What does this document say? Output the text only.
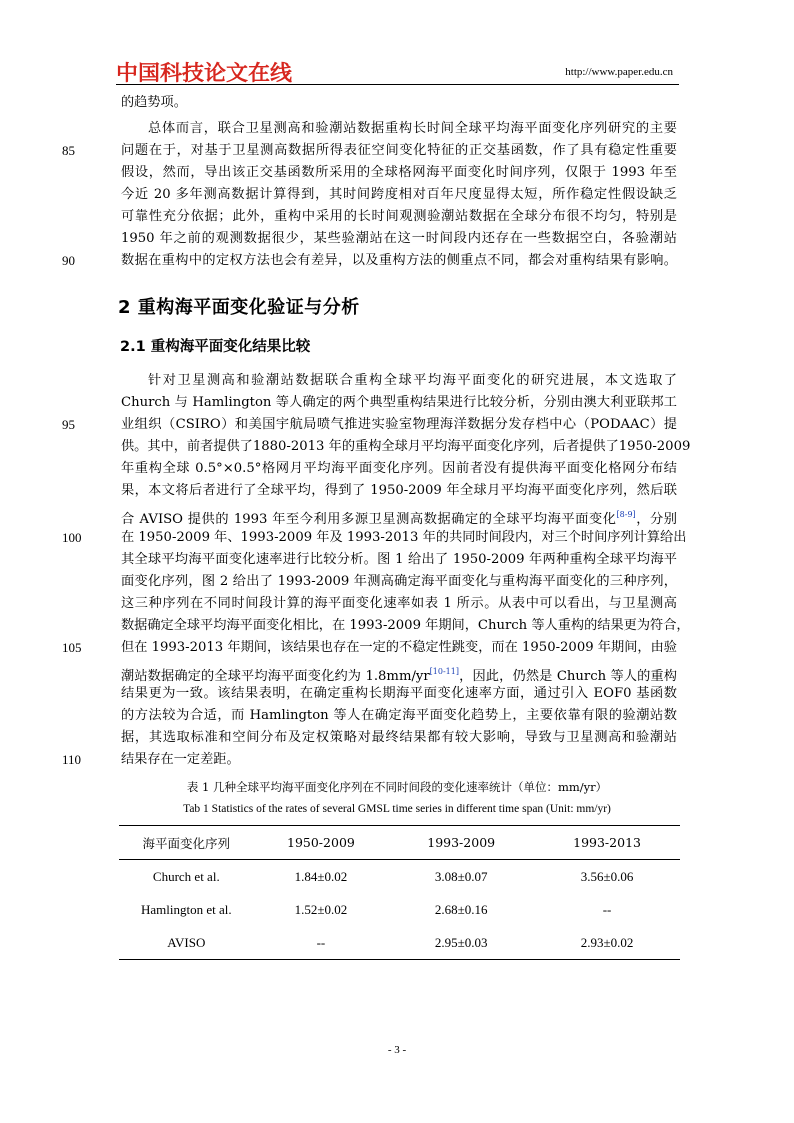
中国科技论文在线	http://www.paper.edu.cn
的趋势项。
总体而言，联合卫星测高和验潮站数据重构长时间全球平均海平面变化序列研究的主要
问题在于，对基于卫星测高数据所得表征空间变化特征的正交基函数，作了具有稳定性重要
假设，然而，导出该正交基函数所采用的全球格网海平面变化时间序列，仅限于 1993 年至
今近 20 多年测高数据计算得到，其时间跨度相对百年尺度显得太短，所作稳定性假设缺乏
可靠性充分依据；此外，重构中采用的长时间观测验潮站数据在全球分布很不均匀，特别是
1950 年之前的观测数据很少，某些验潮站在这一时间段内还存在一些数据空白，各验潮站
数据在重构中的定权方法也会有差异，以及重构方法的侧重点不同，都会对重构结果有影响。
2 重构海平面变化验证与分析
2.1 重构海平面变化结果比较
针对卫星测高和验潮站数据联合重构全球平均海平面变化的研究进展，本文选取了
Church 与 Hamlington 等人确定的两个典型重构结果进行比较分析，分别由澳大利亚联邦工
业组织（CSIRO）和美国宇航局喷气推进实验室物理海洋数据分发存档中心（PODAAC）提
供。其中，前者提供了1880-2013 年的重构全球月平均海平面变化序列，后者提供了1950-2009
年重构全球 0.5°×0.5°格网月平均海平面变化序列。因前者没有提供海平面变化格网分布结
果，本文将后者进行了全球平均，得到了 1950-2009 年全球月平均海平面变化序列，然后联
合 AVISO 提供的 1993 年至今利用多源卫星测高数据确定的全球平均海平面变化[8-9]，分别
在 1950-2009 年、1993-2009 年及 1993-2013 年的共同时间段内，对三个时间序列计算给出
其全球平均海平面变化速率进行比较分析。图 1 给出了 1950-2009 年两种重构全球平均海平
面变化序列，图 2 给出了 1993-2009 年测高确定海平面变化与重构海平面变化的三种序列，
这三种序列在不同时间段计算的海平面变化速率如表 1 所示。从表中可以看出，与卫星测高
数据确定全球平均海平面变化相比，在 1993-2009 年期间，Church 等人重构的结果更为符合，
但在 1993-2013 年期间，该结果也存在一定的不稳定性跳变，而在 1950-2009 年期间，由验
潮站数据确定的全球平均海平面变化约为 1.8mm/yr[10-11]，因此，仍然是 Church 等人的重构
结果更为一致。该结果表明，在确定重构长期海平面变化速率方面，通过引入 EOF0 基函数
的方法较为合适，而 Hamlington 等人在确定海平面变化趋势上，主要依靠有限的验潮站数
据，其选取标准和空间分布及定权策略对最终结果都有较大影响，导致与卫星测高和验潮站
结果存在一定差距。
85
90
95
100
105
110
表 1 几种全球平均海平面变化序列在不同时间段的变化速率统计（单位：mm/yr）
Tab 1 Statistics of the rates of several GMSL time series in different time span (Unit: mm/yr)
海平面变化序列	1950-2009	1993-2009	1993-2013
Church et al.	1.84±0.02	3.08±0.07	3.56±0.06
Hamlington et al.	1.52±0.02	2.68±0.16	--
AVISO	--	2.95±0.03	2.93±0.02
- 3 -
